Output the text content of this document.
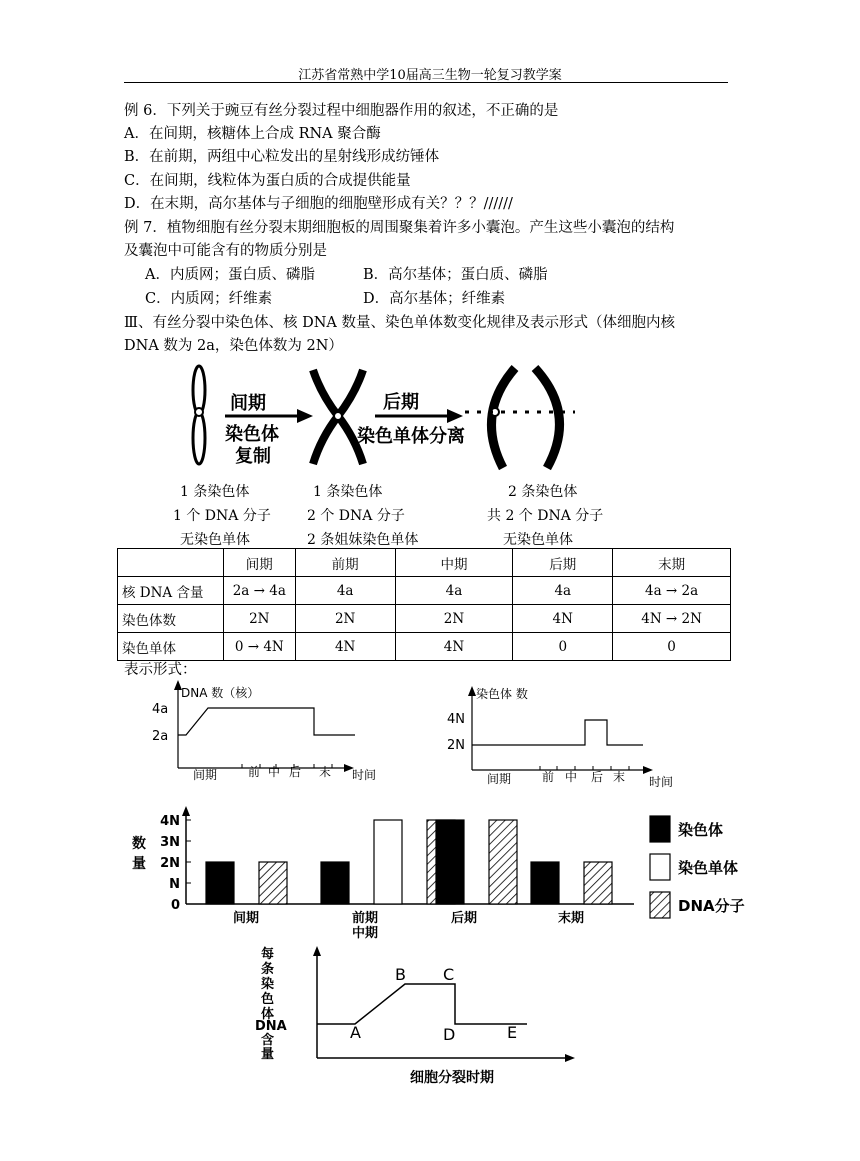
江苏省常熟中学10届高三生物一轮复习教学案
例 6．下列关于豌豆有丝分裂过程中细胞器作用的叙述，不正确的是
A．在间期，核糖体上合成 RNA 聚合酶
B．在前期，两组中心粒发出的星射线形成纺锤体
C．在间期，线粒体为蛋白质的合成提供能量
D．在末期，高尔基体与子细胞的细胞壁形成有关？？？//////
例 7．植物细胞有丝分裂末期细胞板的周围聚集着许多小囊泡。产生这些小囊泡的结构
及囊泡中可能含有的物质分别是
A．内质网；蛋白质、磷脂	B．高尔基体；蛋白质、磷脂
C．内质网；纤维素	D．高尔基体；纤维素
Ⅲ、有丝分裂中染色体、核 DNA 数量、染色单体数变化规律及表示形式（体细胞内核
DNA 数为 2a，染色体数为 2N）
间期
染色体
复制
后期
染色单体分离
1 条染色体
1 个 DNA 分子
无染色单体
1 条染色体
2 个 DNA 分子
2 条姐妹染色单体
2 条染色体
共 2 个 DNA 分子
无染色单体
	间期	前期	中期	后期	末期
核 DNA 含量	2a → 4a	4a	4a	4a	4a → 2a
染色体数	2N	2N	2N	4N	4N → 2N
染色单体	0 → 4N	4N	4N	0	0
表示形式：
DNA 数（核）
4a
2a
间期	前 中 后 末 时间
染色体 数
4N
2N
间期	前 中 后 末 时间
数
量
0
N
2N
3N
4N
间期	前期
中期
后期	末期
染色体
染色单体
DNA分子
每
条
染
色
体
DNA
含
量
A
B C
D	E
细胞分裂时期
